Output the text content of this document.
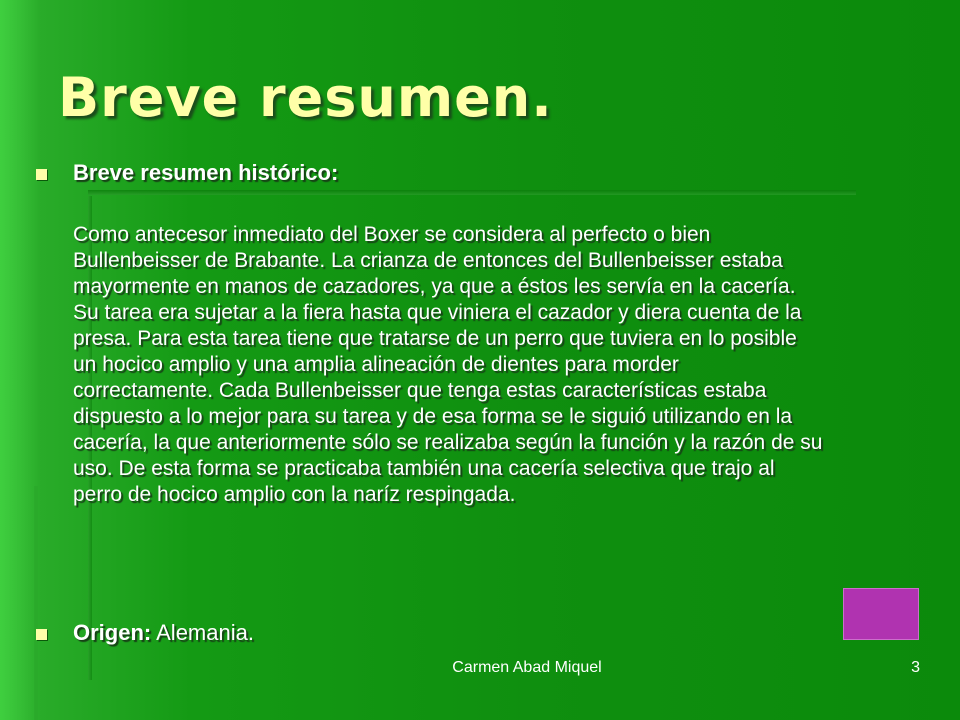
Breve resumen.
Breve resumen histórico:

Como antecesor inmediato del Boxer se considera al perfecto o bien Bullenbeisser de Brabante. La crianza de entonces del Bullenbeisser estaba mayormente en manos de cazadores, ya que a éstos les servía en la cacería. Su tarea era sujetar a la fiera hasta que viniera el cazador y diera cuenta de la presa. Para esta tarea tiene que tratarse de un perro que tuviera en lo posible un hocico amplio y una amplia alineación de dientes para morder correctamente. Cada Bullenbeisser que tenga estas características estaba dispuesto a lo mejor para su tarea y de esa forma se le siguió utilizando en la cacería, la que anteriormente sólo se realizaba según la función y la razón de su uso. De esta forma se practicaba también una cacería selectiva que trajo al perro de hocico amplio con la naríz respingada.

Origen: Alemania.
Carmen Abad Miquel	3
